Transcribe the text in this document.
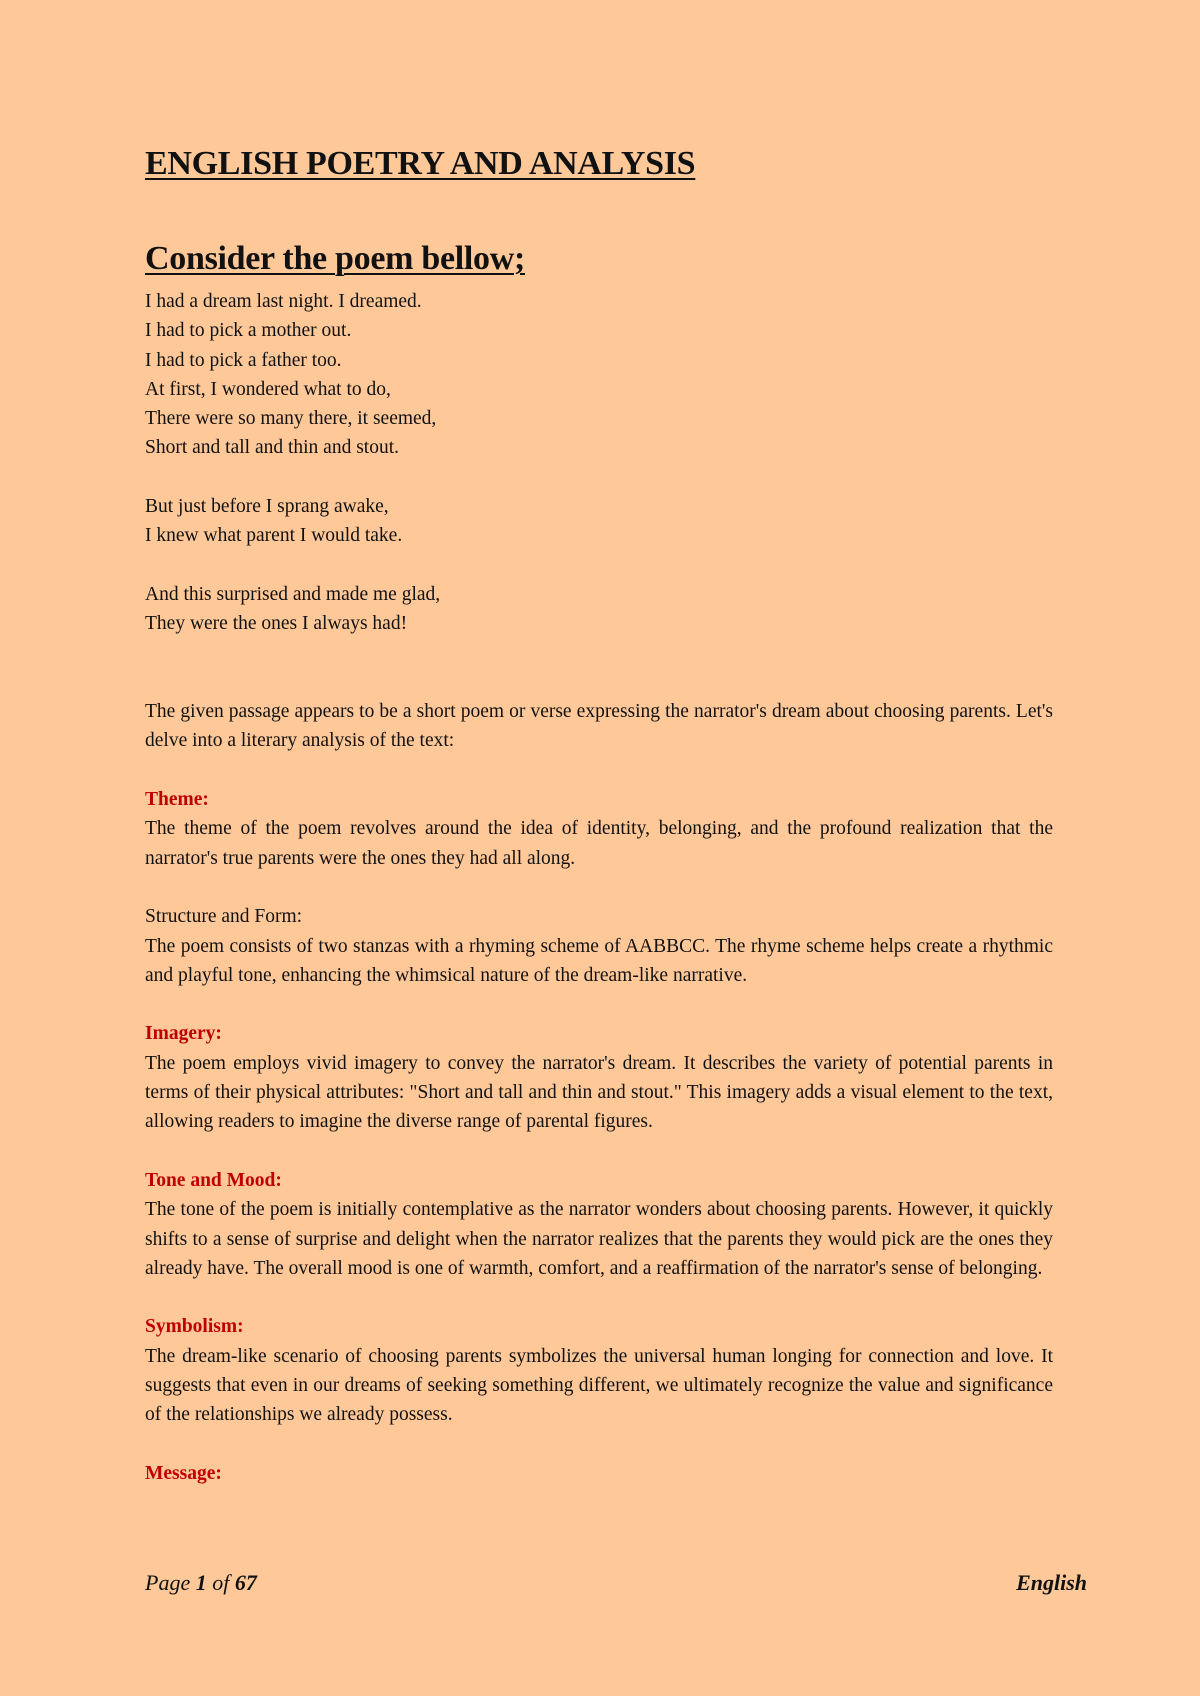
ENGLISH POETRY AND ANALYSIS
Consider the poem bellow;
I had a dream last night. I dreamed.
I had to pick a mother out.
I had to pick a father too.
At first, I wondered what to do,
There were so many there, it seemed,
Short and tall and thin and stout.
But just before I sprang awake,
I knew what parent I would take.
And this surprised and made me glad,
They were the ones I always had!

The given passage appears to be a short poem or verse expressing the narrator's dream about choosing parents. Let's delve into a literary analysis of the text:

Theme:

The theme of the poem revolves around the idea of identity, belonging, and the profound realization that the narrator's true parents were the ones they had all along.

Structure and Form:

The poem consists of two stanzas with a rhyming scheme of AABBCC. The rhyme scheme helps create a rhythmic and playful tone, enhancing the whimsical nature of the dream-like narrative.

Imagery:

The poem employs vivid imagery to convey the narrator's dream. It describes the variety of potential parents in terms of their physical attributes: "Short and tall and thin and stout." This imagery adds a visual element to the text, allowing readers to imagine the diverse range of parental figures.

Tone and Mood:

The tone of the poem is initially contemplative as the narrator wonders about choosing parents. However, it quickly shifts to a sense of surprise and delight when the narrator realizes that the parents they would pick are the ones they already have. The overall mood is one of warmth, comfort, and a reaffirmation of the narrator's sense of belonging.

Symbolism:

The dream-like scenario of choosing parents symbolizes the universal human longing for connection and love. It suggests that even in our dreams of seeking something different, we ultimately recognize the value and significance of the relationships we already possess.

Message:
Page 1 of 67	English
